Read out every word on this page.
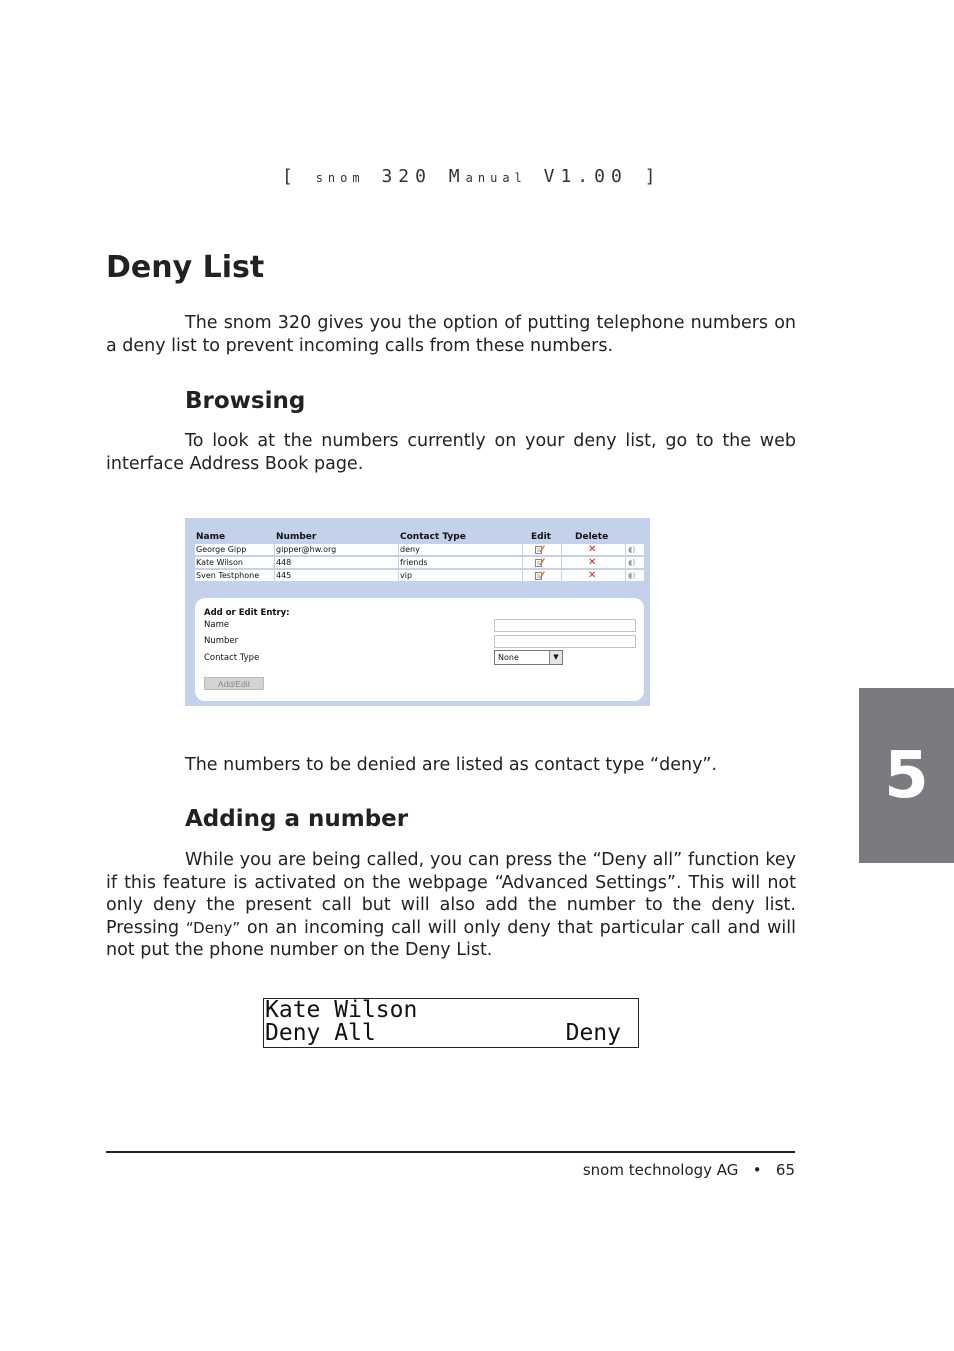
[ snom 320 Manual V1.00 ]
Deny List

The snom 320 gives you the option of putting telephone numbers on a deny list to prevent incoming calls from these numbers.

Browsing

To look at the numbers currently on your deny list, go to the web interface Address Book page.

Name	Number	Contact Type	Edit	Delete
George Gipp	gipper@hw.org	deny	✕	◖)
Kate Wilson	448	friends	✕	◖)
Sven Testphone 445	vip	✕	◖)
Add or Edit Entry:
Name
Number
Contact Type	None	▼
Add/Edit

The numbers to be denied are listed as contact type “deny”.

Adding a number

While you are being called, you can press the “Deny all” function key if this feature is activated on the webpage “Advanced Settings”. This will not only deny the present call but will also add the number to the deny list. Pressing “Deny” on an incoming call will only deny that particular call and will not put the phone number on the Deny List.

Kate Wilson
Deny All	Deny
5
snom technology AG • 65
